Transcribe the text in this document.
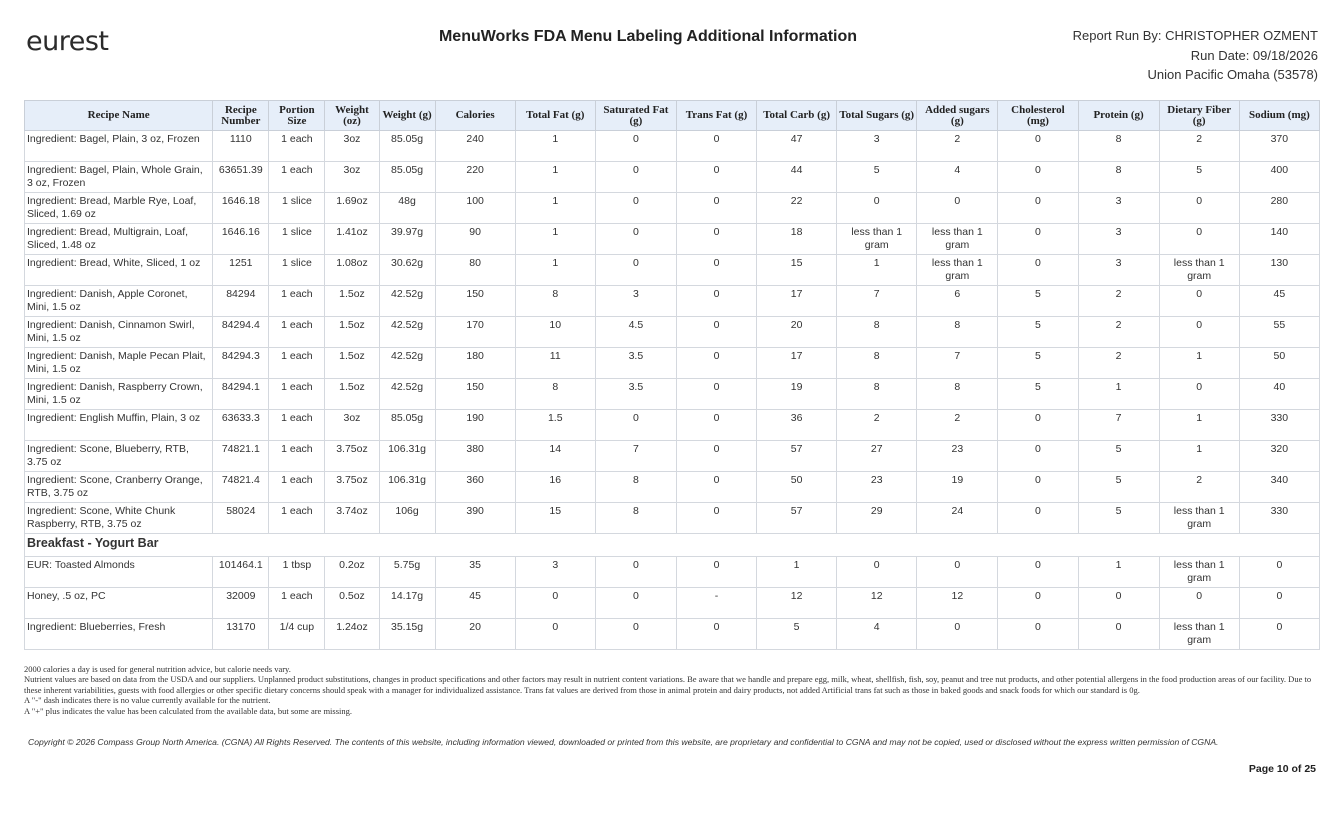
eurest	MenuWorks FDA Menu Labeling Additional Information	Report Run By: CHRISTOPHER OZMENT
Run Date: 09/18/2026
Union Pacific Omaha (53578)
Recipe Name	Recipe Number	Portion Size	Weight (oz)	Weight (g)	Calories	Total Fat (g)	Saturated Fat (g)	Trans Fat (g)	Total Carb (g)	Total Sugars (g)	Added sugars (g)	Cholesterol (mg)	Protein (g)	Dietary Fiber (g)	Sodium (mg)
Ingredient: Bagel, Plain, 3 oz, Frozen	1110	1 each	3oz	85.05g	240	1	0	0	47	3	2	0	8	2	370
Ingredient: Bagel, Plain, Whole Grain, 3 oz, Frozen	63651.39	1 each	3oz	85.05g	220	1	0	0	44	5	4	0	8	5	400
Ingredient: Bread, Marble Rye, Loaf, Sliced, 1.69 oz	1646.18	1 slice	1.69oz	48g	100	1	0	0	22	0	0	0	3	0	280
Ingredient: Bread, Multigrain, Loaf, Sliced, 1.48 oz	1646.16	1 slice	1.41oz	39.97g	90	1	0	0	18	less than 1 gram	less than 1 gram	0	3	0	140
Ingredient: Bread, White, Sliced, 1 oz	1251	1 slice	1.08oz	30.62g	80	1	0	0	15	1	less than 1 gram	0	3	less than 1 gram	130
Ingredient: Danish, Apple Coronet, Mini, 1.5 oz	84294	1 each	1.5oz	42.52g	150	8	3	0	17	7	6	5	2	0	45
Ingredient: Danish, Cinnamon Swirl, Mini, 1.5 oz	84294.4	1 each	1.5oz	42.52g	170	10	4.5	0	20	8	8	5	2	0	55
Ingredient: Danish, Maple Pecan Plait, Mini, 1.5 oz	84294.3	1 each	1.5oz	42.52g	180	11	3.5	0	17	8	7	5	2	1	50
Ingredient: Danish, Raspberry Crown, Mini, 1.5 oz	84294.1	1 each	1.5oz	42.52g	150	8	3.5	0	19	8	8	5	1	0	40
Ingredient: English Muffin, Plain, 3 oz	63633.3	1 each	3oz	85.05g	190	1.5	0	0	36	2	2	0	7	1	330
Ingredient: Scone, Blueberry, RTB, 3.75 oz	74821.1	1 each	3.75oz	106.31g	380	14	7	0	57	27	23	0	5	1	320
Ingredient: Scone, Cranberry Orange, RTB, 3.75 oz	74821.4	1 each	3.75oz	106.31g	360	16	8	0	50	23	19	0	5	2	340
Ingredient: Scone, White Chunk Raspberry, RTB, 3.75 oz	58024	1 each	3.74oz	106g	390	15	8	0	57	29	24	0	5	less than 1 gram	330
Breakfast - Yogurt Bar															
EUR: Toasted Almonds	101464.1	1 tbsp	0.2oz	5.75g	35	3	0	0	1	0	0	0	1	less than 1 gram	0
Honey, .5 oz, PC	32009	1 each	0.5oz	14.17g	45	0	0	-	12	12	12	0	0	0	0
Ingredient: Blueberries, Fresh	13170	1/4 cup	1.24oz	35.15g	20	0	0	0	5	4	0	0	0	less than 1 gram	0
2000 calories a day is used for general nutrition advice, but calorie needs vary.
Nutrient values are based on data from the USDA and our suppliers. Unplanned product substitutions, changes in product specifications and other factors may result in nutrient content variations. Be aware that we handle and prepare egg, milk, wheat, shellfish, fish, soy, peanut and tree nut products, and other potential allergens in the food production areas of our facility. Due to these inherent variabilities, guests with food allergies or other specific dietary concerns should speak with a manager for individualized assistance. Trans fat values are derived from those in animal protein and dairy products, not added Artificial trans fat such as those in baked goods and snack foods for which our standard is 0g.
A "-" dash indicates there is no value currently available for the nutrient.
A "+" plus indicates the value has been calculated from the available data, but some are missing.
Copyright © 2026 Compass Group North America. (CGNA) All Rights Reserved. The contents of this website, including information viewed, downloaded or printed from this website, are proprietary and confidential to CGNA and may not be copied, used or disclosed without the express written permission of CGNA.
Page 10 of 25
